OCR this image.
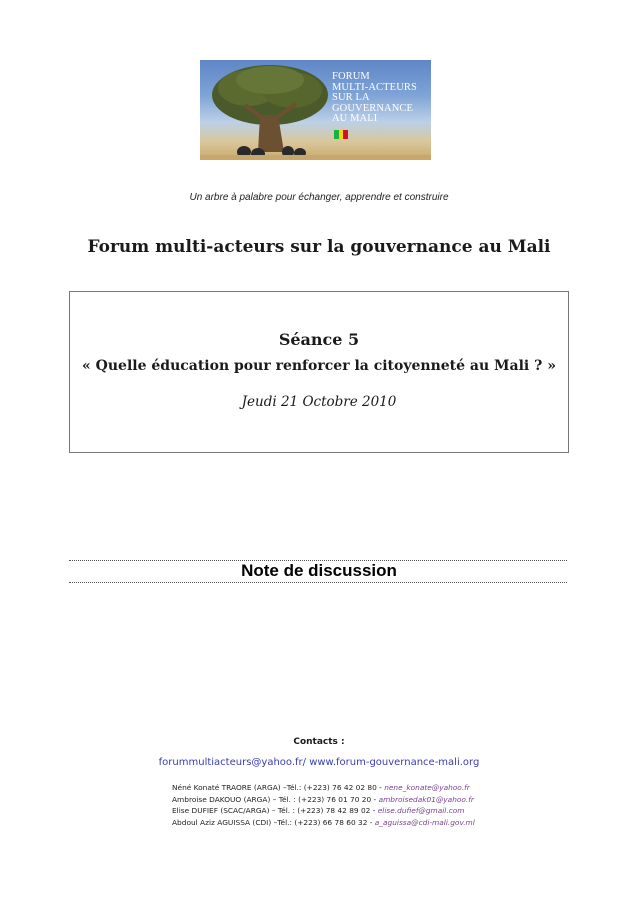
FORUM
MULTI-ACTEURS
SUR LA
GOUVERNANCE
AU MALI
Un arbre à palabre pour échanger, apprendre et construire
Forum multi-acteurs sur la gouvernance au Mali
Séance 5
« Quelle éducation pour renforcer la citoyenneté au Mali ? »
Jeudi 21 Octobre 2010
Note de discussion
Contacts :
forummultiacteurs@yahoo.fr/ www.forum-gouvernance-mali.org
Néné Konaté TRAORE (ARGA) –Tél.: (+223) 76 42 02 80 - nene_konate@yahoo.fr
Ambroise DAKOUO (ARGA) – Tél. : (+223) 76 01 70 20 - ambroisedak01@yahoo.fr
Elise DUFIEF (SCAC/ARGA) – Tél. : (+223) 78 42 89 02 - elise.dufief@gmail.com
Abdoul Aziz AGUISSA (CDI) –Tél.: (+223) 66 78 60 32 - a_aguissa@cdi-mali.gov.ml
